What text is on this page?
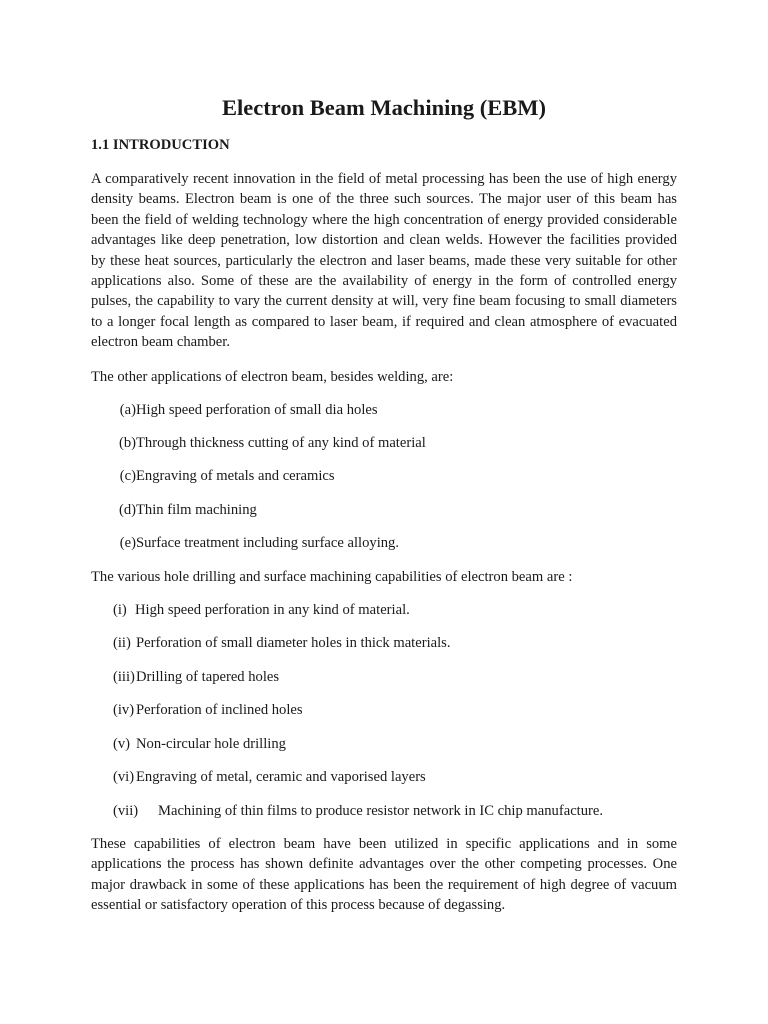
Electron Beam Machining (EBM)
1.1 INTRODUCTION

A comparatively recent innovation in the field of metal processing has been the use of high energy density beams. Electron beam is one of the three such sources. The major user of this beam has been the field of welding technology where the high concentration of energy provided considerable advantages like deep penetration, low distortion and clean welds. However the facilities provided by these heat sources, particularly the electron and laser beams, made these very suitable for other applications also. Some of these are the availability of energy in the form of controlled energy pulses, the capability to vary the current density at will, very fine beam focusing to small diameters to a longer focal length as compared to laser beam, if required and clean atmosphere of evacuated electron beam chamber.

The other applications of electron beam, besides welding, are:

(a) High speed perforation of small dia holes
(b) Through thickness cutting of any kind of material
(c) Engraving of metals and ceramics
(d) Thin film machining
(e) Surface treatment including surface alloying.

The various hole drilling and surface machining capabilities of electron beam are :

(i) High speed perforation in any kind of material.
(ii) Perforation of small diameter holes in thick materials.
(iii) Drilling of tapered holes
(iv) Perforation of inclined holes
(v) Non-circular hole drilling
(vi) Engraving of metal, ceramic and vaporised layers
(vii) Machining of thin films to produce resistor network in IC chip manufacture.

These capabilities of electron beam have been utilized in specific applications and in some applications the process has shown definite advantages over the other competing processes. One major drawback in some of these applications has been the requirement of high degree of vacuum essential or satisfactory operation of this process because of degassing.
